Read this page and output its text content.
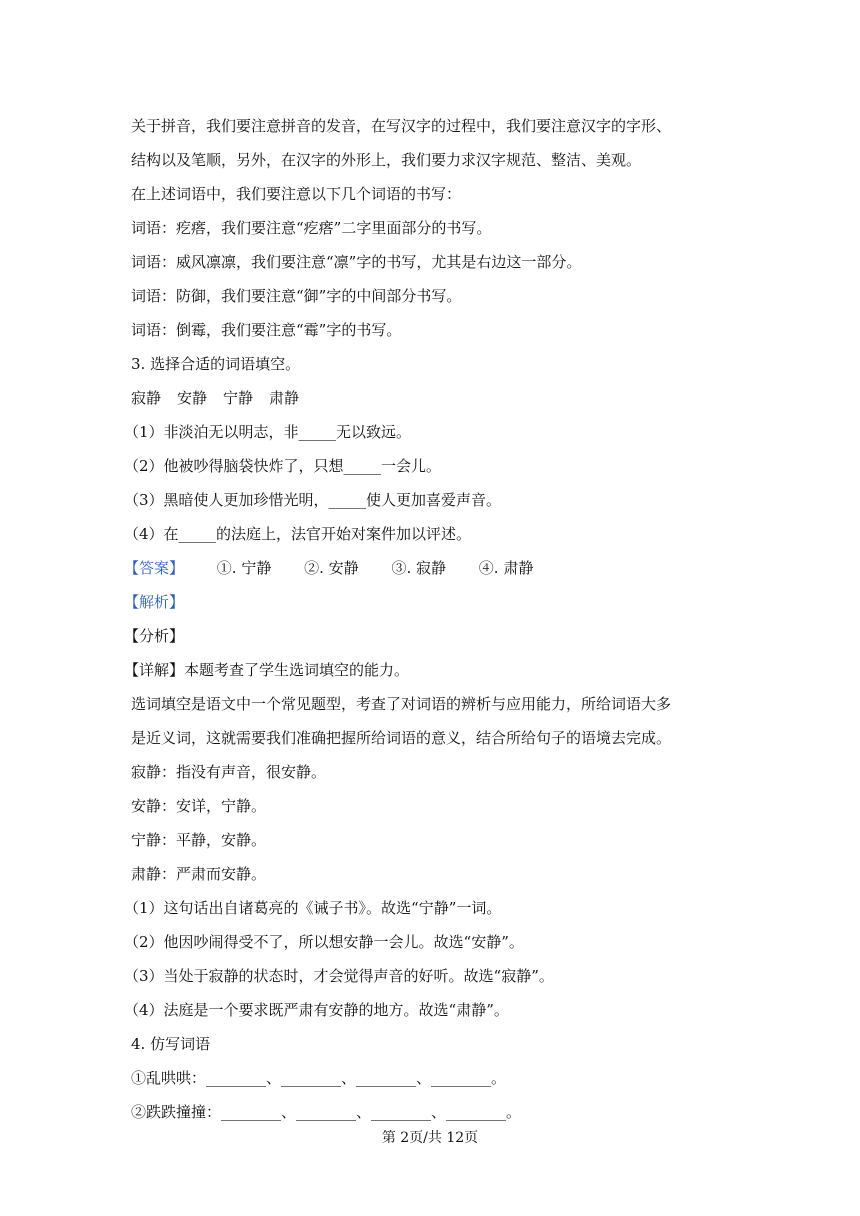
关于拼音，我们要注意拼音的发音，在写汉字的过程中，我们要注意汉字的字形、
结构以及笔顺，另外，在汉字的外形上，我们要力求汉字规范、整洁、美观。
在上述词语中，我们要注意以下几个词语的书写：
词语：疙瘩，我们要注意“疙瘩”二字里面部分的书写。
词语：威风凛凛，我们要注意“凛”字的书写，尤其是右边这一部分。
词语：防御，我们要注意“御”字的中间部分书写。
词语：倒霉，我们要注意“霉”字的书写。
3. 选择合适的词语填空。
寂静 安静 宁静 肃静
（1）非淡泊无以明志，非_____无以致远。
（2）他被吵得脑袋快炸了，只想_____一会儿。
（3）黑暗使人更加珍惜光明，_____使人更加喜爱声音。
（4）在_____的法庭上，法官开始对案件加以评述。
【答案】 ①. 宁静 ②. 安静 ③. 寂静 ④. 肃静
【解析】
【分析】
【详解】本题考查了学生选词填空的能力。
选词填空是语文中一个常见题型，考查了对词语的辨析与应用能力，所给词语大多
是近义词，这就需要我们准确把握所给词语的意义，结合所给句子的语境去完成。
寂静：指没有声音，很安静。
安静：安详，宁静。
宁静：平静，安静。
肃静：严肃而安静。
（1）这句话出自诸葛亮的《诫子书》。故选“宁静”一词。
（2）他因吵闹得受不了，所以想安静一会儿。故选“安静”。
（3）当处于寂静的状态时，才会觉得声音的好听。故选“寂静”。
（4）法庭是一个要求既严肃有安静的地方。故选“肃静”。
4. 仿写词语
①乱哄哄：________、________、________、________。
②跌跌撞撞：________、________、________、________。
第 2页/共 12页
